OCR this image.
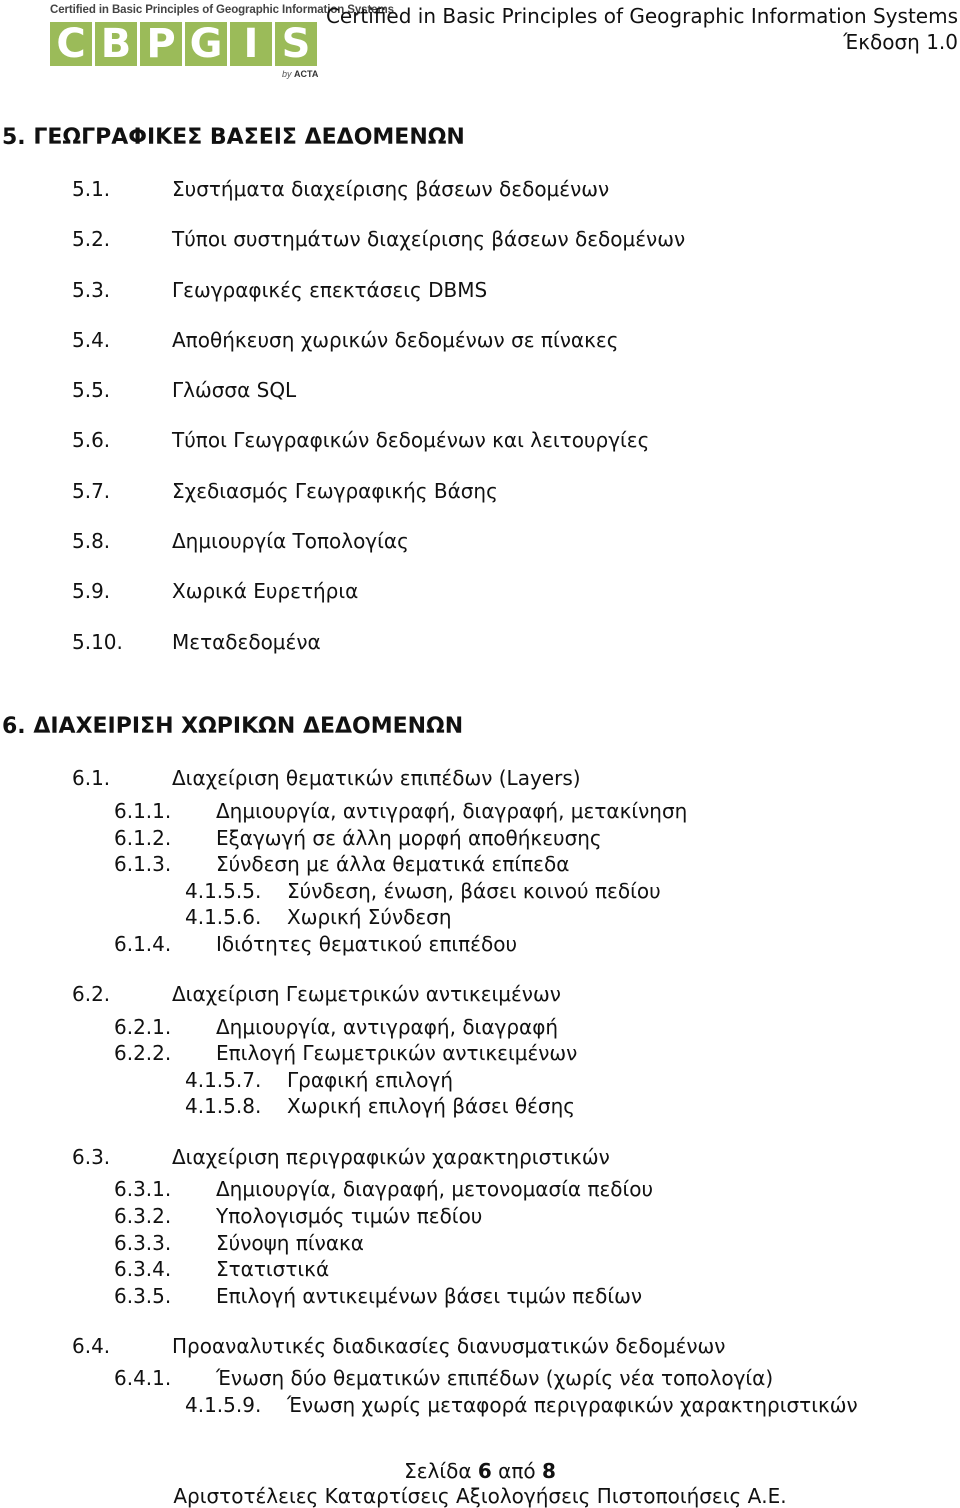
Certified in Basic Principles of Geographic Information Systems
C B P G I S
by ACTA
Certified in Basic Principles of Geographic Information Systems
Έκδοση 1.0
5. ΓΕΩΓΡΑΦΙΚΕΣ ΒΑΣΕΙΣ ΔΕΔΟΜΕΝΩΝ
5.1.	Συστήματα διαχείρισης βάσεων δεδομένων
5.2.	Τύποι συστημάτων διαχείρισης βάσεων δεδομένων
5.3.	Γεωγραφικές επεκτάσεις DBMS
5.4.	Αποθήκευση χωρικών δεδομένων σε πίνακες
5.5.	Γλώσσα SQL
5.6.	Τύποι Γεωγραφικών δεδομένων και λειτουργίες
5.7.	Σχεδιασμός Γεωγραφικής Βάσης
5.8.	Δημιουργία Τοπολογίας
5.9.	Χωρικά Ευρετήρια
5.10. Μεταδεδομένα
6. ΔΙΑΧΕΙΡΙΣΗ ΧΩΡΙΚΩΝ ΔΕΔΟΜΕΝΩΝ
6.1.	Διαχείριση θεματικών επιπέδων (Layers)
6.1.1. Δημιουργία, αντιγραφή, διαγραφή, μετακίνηση
6.1.2. Εξαγωγή σε άλλη μορφή αποθήκευσης
6.1.3. Σύνδεση με άλλα θεματικά επίπεδα
4.1.5.5. Σύνδεση, ένωση, βάσει κοινού πεδίου
4.1.5.6. Χωρική Σύνδεση
6.1.4. Ιδιότητες θεματικού επιπέδου
6.2.	Διαχείριση Γεωμετρικών αντικειμένων
6.2.1. Δημιουργία, αντιγραφή, διαγραφή
6.2.2. Επιλογή Γεωμετρικών αντικειμένων
4.1.5.7. Γραφική επιλογή
4.1.5.8. Χωρική επιλογή βάσει θέσης
6.3.	Διαχείριση περιγραφικών χαρακτηριστικών
6.3.1. Δημιουργία, διαγραφή, μετονομασία πεδίου
6.3.2. Υπολογισμός τιμών πεδίου
6.3.3. Σύνοψη πίνακα
6.3.4. Στατιστικά
6.3.5. Επιλογή αντικειμένων βάσει τιμών πεδίων
6.4.	Προαναλυτικές διαδικασίες διανυσματικών δεδομένων
6.4.1. Ένωση δύο θεματικών επιπέδων (χωρίς νέα τοπολογία)
4.1.5.9. Ένωση χωρίς μεταφορά περιγραφικών χαρακτηριστικών
Σελίδα 6 από 8
Αριστοτέλειες Καταρτίσεις Αξιολογήσεις Πιστοποιήσεις Α.Ε.
